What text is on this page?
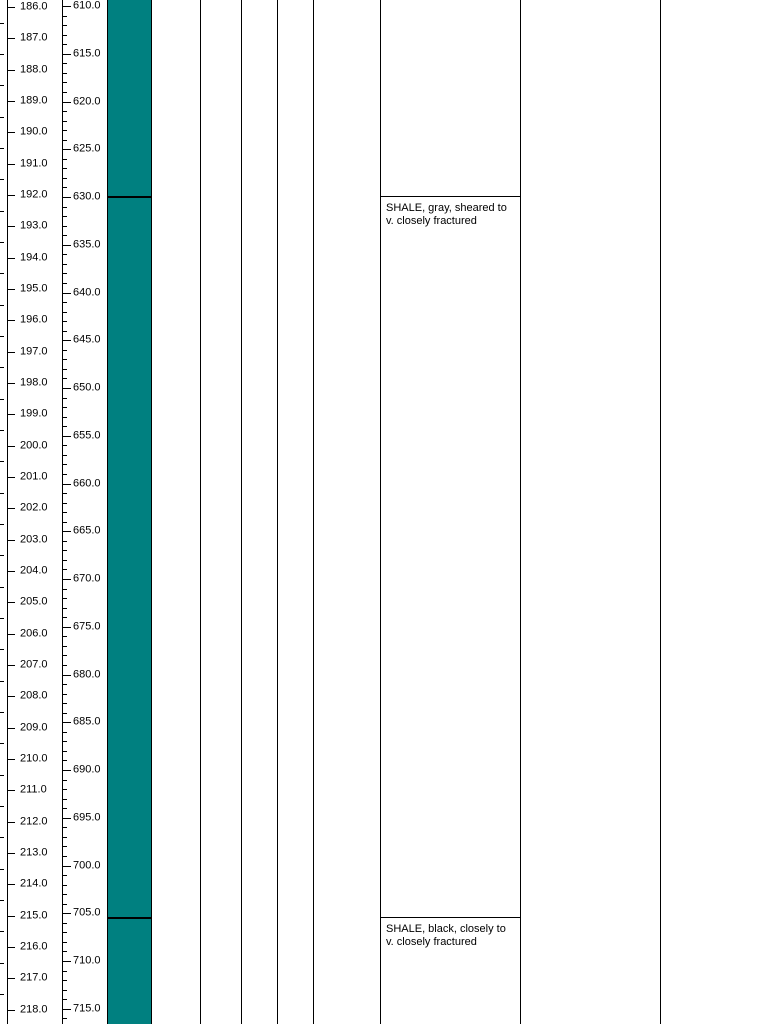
186.0
187.0
188.0
189.0
190.0
191.0
192.0
193.0
194.0
195.0
196.0
197.0
198.0
199.0
200.0
201.0
202.0
203.0
204.0
205.0
206.0
207.0
208.0
209.0
210.0
211.0
212.0
213.0
214.0
215.0
216.0
217.0
218.0
610.0
615.0
620.0
625.0
630.0
635.0
640.0
645.0
650.0
655.0
660.0
665.0
670.0
675.0
680.0
685.0
690.0
695.0
700.0
705.0
710.0
715.0
SHALE, gray, sheared to
v. closely fractured
SHALE, black, closely to
v. closely fractured
